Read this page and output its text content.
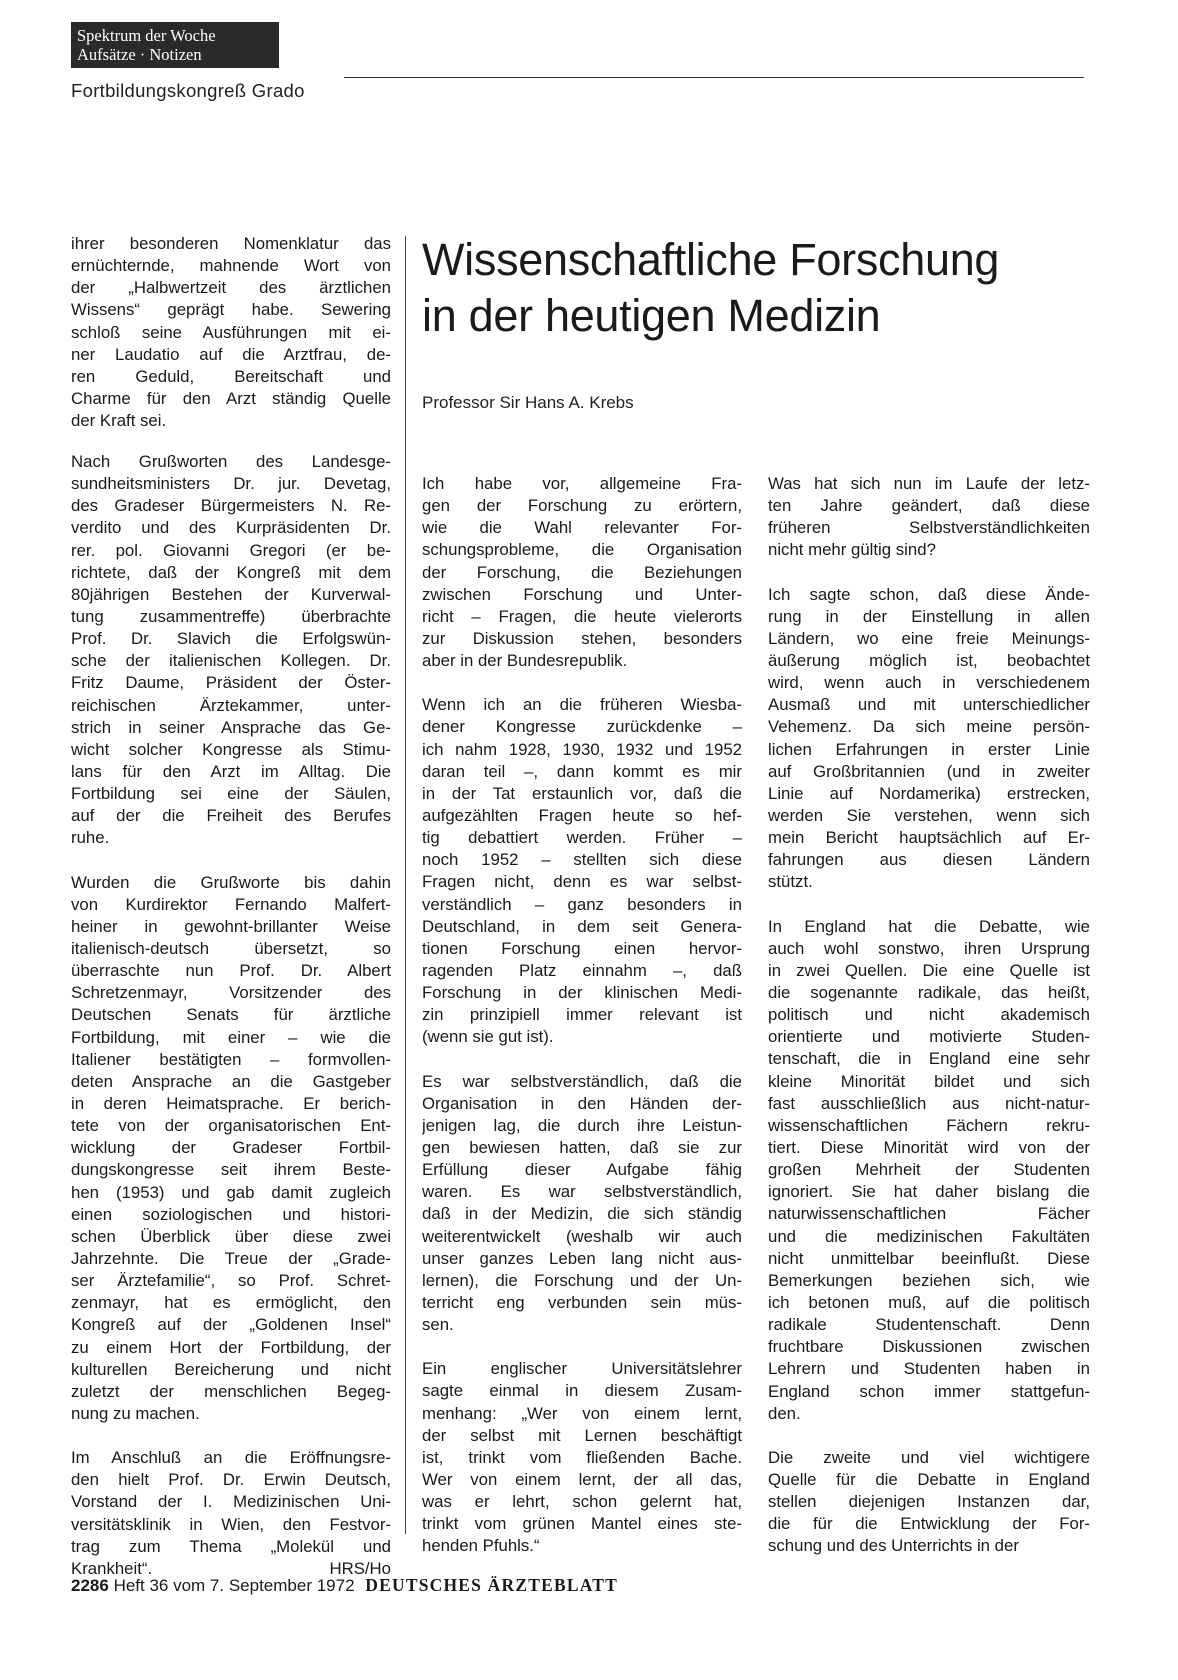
Spektrum der Woche
Aufsätze · Notizen
Fortbildungskongreß Grado
Wissenschaftliche Forschung
in der heutigen Medizin
Professor Sir Hans A. Krebs
ihrer besonderen Nomenklatur das
ernüchternde, mahnende Wort von
der „Halbwertzeit des ärztlichen
Wissens“ geprägt habe. Sewering
schloß seine Ausführungen mit ei-
ner Laudatio auf die Arztfrau, de-
ren Geduld, Bereitschaft und
Charme für den Arzt ständig Quelle
der Kraft sei.
Nach Grußworten des Landesge-
sundheitsministers Dr. jur. Devetag,
des Gradeser Bürgermeisters N. Re-
verdito und des Kurpräsidenten Dr.
rer. pol. Giovanni Gregori (er be-
richtete, daß der Kongreß mit dem
80jährigen Bestehen der Kurverwal-
tung zusammentreffe) überbrachte
Prof. Dr. Slavich die Erfolgswün-
sche der italienischen Kollegen. Dr.
Fritz Daume, Präsident der Öster-
reichischen Ärztekammer, unter-
strich in seiner Ansprache das Ge-
wicht solcher Kongresse als Stimu-
lans für den Arzt im Alltag. Die
Fortbildung sei eine der Säulen,
auf der die Freiheit des Berufes
ruhe.
Wurden die Grußworte bis dahin
von Kurdirektor Fernando Malfert-
heiner in gewohnt-brillanter Weise
italienisch-deutsch übersetzt, so
überraschte nun Prof. Dr. Albert
Schretzenmayr, Vorsitzender des
Deutschen Senats für ärztliche
Fortbildung, mit einer – wie die
Italiener bestätigten – formvollen-
deten Ansprache an die Gastgeber
in deren Heimatsprache. Er berich-
tete von der organisatorischen Ent-
wicklung der Gradeser Fortbil-
dungskongresse seit ihrem Beste-
hen (1953) und gab damit zugleich
einen soziologischen und histori-
schen Überblick über diese zwei
Jahrzehnte. Die Treue der „Grade-
ser Ärztefamilie“, so Prof. Schret-
zenmayr, hat es ermöglicht, den
Kongreß auf der „Goldenen Insel“
zu einem Hort der Fortbildung, der
kulturellen Bereicherung und nicht
zuletzt der menschlichen Begeg-
nung zu machen.
Im Anschluß an die Eröffnungsre-
den hielt Prof. Dr. Erwin Deutsch,
Vorstand der I. Medizinischen Uni-
versitätsklinik in Wien, den Festvor-
trag zum Thema „Molekül und
Krankheit“.	HRS/Ho
Ich habe vor, allgemeine Fra-
gen der Forschung zu erörtern,
wie die Wahl relevanter For-
schungsprobleme, die Organisation
der Forschung, die Beziehungen
zwischen Forschung und Unter-
richt – Fragen, die heute vielerorts
zur Diskussion stehen, besonders
aber in der Bundesrepublik.
Wenn ich an die früheren Wiesba-
dener Kongresse zurückdenke –
ich nahm 1928, 1930, 1932 und 1952
daran teil –, dann kommt es mir
in der Tat erstaunlich vor, daß die
aufgezählten Fragen heute so hef-
tig debattiert werden. Früher –
noch 1952 – stellten sich diese
Fragen nicht, denn es war selbst-
verständlich – ganz besonders in
Deutschland, in dem seit Genera-
tionen Forschung einen hervor-
ragenden Platz einnahm –, daß
Forschung in der klinischen Medi-
zin prinzipiell immer relevant ist
(wenn sie gut ist).
Es war selbstverständlich, daß die
Organisation in den Händen der-
jenigen lag, die durch ihre Leistun-
gen bewiesen hatten, daß sie zur
Erfüllung dieser Aufgabe fähig
waren. Es war selbstverständlich,
daß in der Medizin, die sich ständig
weiterentwickelt (weshalb wir auch
unser ganzes Leben lang nicht aus-
lernen), die Forschung und der Un-
terricht eng verbunden sein müs-
sen.
Ein englischer Universitätslehrer
sagte einmal in diesem Zusam-
menhang: „Wer von einem lernt,
der selbst mit Lernen beschäftigt
ist, trinkt vom fließenden Bache.
Wer von einem lernt, der all das,
was er lehrt, schon gelernt hat,
trinkt vom grünen Mantel eines ste-
henden Pfuhls.“
Was hat sich nun im Laufe der letz-
ten Jahre geändert, daß diese
früheren Selbstverständlichkeiten
nicht mehr gültig sind?
Ich sagte schon, daß diese Ände-
rung in der Einstellung in allen
Ländern, wo eine freie Meinungs-
äußerung möglich ist, beobachtet
wird, wenn auch in verschiedenem
Ausmaß und mit unterschiedlicher
Vehemenz. Da sich meine persön-
lichen Erfahrungen in erster Linie
auf Großbritannien (und in zweiter
Linie auf Nordamerika) erstrecken,
werden Sie verstehen, wenn sich
mein Bericht hauptsächlich auf Er-
fahrungen aus diesen Ländern
stützt.
In England hat die Debatte, wie
auch wohl sonstwo, ihren Ursprung
in zwei Quellen. Die eine Quelle ist
die sogenannte radikale, das heißt,
politisch und nicht akademisch
orientierte und motivierte Studen-
tenschaft, die in England eine sehr
kleine Minorität bildet und sich
fast ausschließlich aus nicht-natur-
wissenschaftlichen Fächern rekru-
tiert. Diese Minorität wird von der
großen Mehrheit der Studenten
ignoriert. Sie hat daher bislang die
naturwissenschaftlichen Fächer
und die medizinischen Fakultäten
nicht unmittelbar beeinflußt. Diese
Bemerkungen beziehen sich, wie
ich betonen muß, auf die politisch
radikale Studentenschaft. Denn
fruchtbare Diskussionen zwischen
Lehrern und Studenten haben in
England schon immer stattgefun-
den.
Die zweite und viel wichtigere
Quelle für die Debatte in England
stellen diejenigen Instanzen dar,
die für die Entwicklung der For-
schung und des Unterrichts in der
2286 Heft 36 vom 7. September 1972 DEUTSCHES ÄRZTEBLATT
